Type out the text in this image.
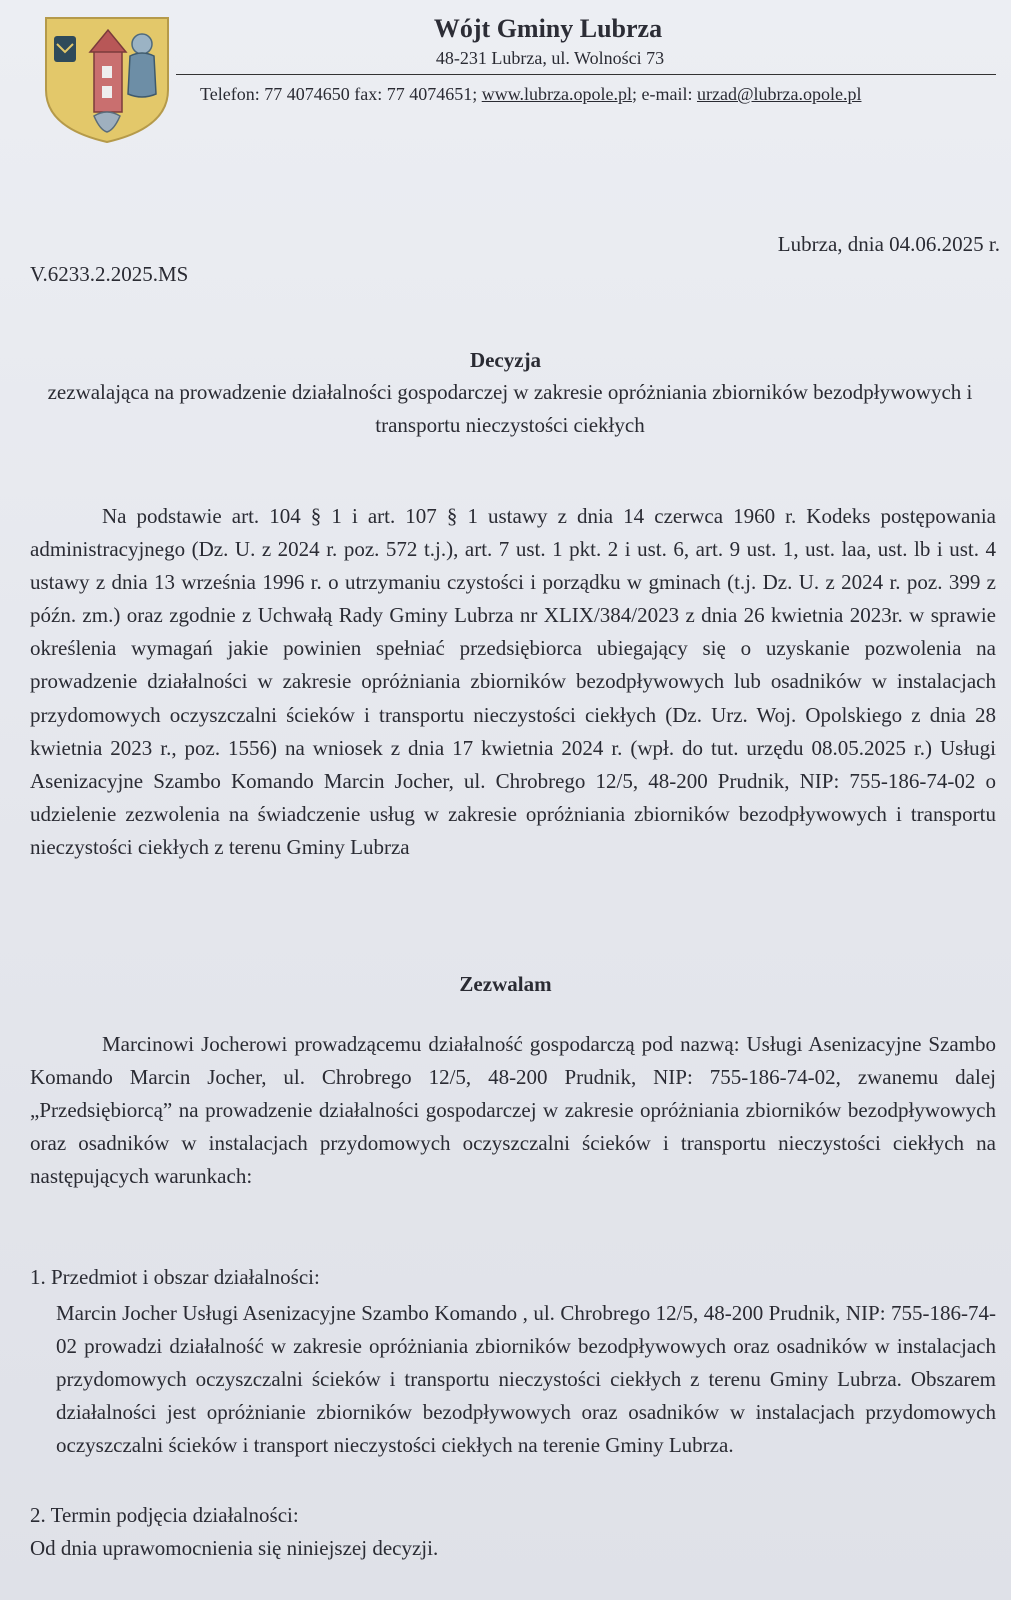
Wójt Gminy Lubrza
48-231 Lubrza, ul. Wolności 73
Telefon: 77 4074650 fax: 77 4074651; www.lubrza.opole.pl; e-mail: urzad@lubrza.opole.pl
Lubrza, dnia 04.06.2025 r.
V.6233.2.2025.MS
Decyzja
zezwalająca na prowadzenie działalności gospodarczej w zakresie opróżniania zbiorników bezodpływowych i transportu nieczystości ciekłych
Na podstawie art. 104 § 1 i art. 107 § 1 ustawy z dnia 14 czerwca 1960 r. Kodeks postępowania administracyjnego (Dz. U. z 2024 r. poz. 572 t.j.), art. 7 ust. 1 pkt. 2 i ust. 6, art. 9 ust. 1, ust. laa, ust. lb i ust. 4 ustawy z dnia 13 września 1996 r. o utrzymaniu czystości i porządku w gminach (t.j. Dz. U. z 2024 r. poz. 399 z późn. zm.) oraz zgodnie z Uchwałą Rady Gminy Lubrza nr XLIX/384/2023 z dnia 26 kwietnia 2023r. w sprawie określenia wymagań jakie powinien spełniać przedsiębiorca ubiegający się o uzyskanie pozwolenia na prowadzenie działalności w zakresie opróżniania zbiorników bezodpływowych lub osadników w instalacjach przydomowych oczyszczalni ścieków i transportu nieczystości ciekłych (Dz. Urz. Woj. Opolskiego z dnia 28 kwietnia 2023 r., poz. 1556) na wniosek z dnia 17 kwietnia 2024 r. (wpł. do tut. urzędu 08.05.2025 r.) Usługi Asenizacyjne Szambo Komando Marcin Jocher, ul. Chrobrego 12/5, 48-200 Prudnik, NIP: 755-186-74-02 o udzielenie zezwolenia na świadczenie usług w zakresie opróżniania zbiorników bezodpływowych i transportu nieczystości ciekłych z terenu Gminy Lubrza
Zezwalam
Marcinowi Jocherowi prowadzącemu działalność gospodarczą pod nazwą: Usługi Asenizacyjne Szambo Komando Marcin Jocher, ul. Chrobrego 12/5, 48-200 Prudnik, NIP: 755-186-74-02, zwanemu dalej „Przedsiębiorcą” na prowadzenie działalności gospodarczej w zakresie opróżniania zbiorników bezodpływowych oraz osadników w instalacjach przydomowych oczyszczalni ścieków i transportu nieczystości ciekłych na następujących warunkach:
1. Przedmiot i obszar działalności:
Marcin Jocher Usługi Asenizacyjne Szambo Komando , ul. Chrobrego 12/5, 48-200 Prudnik, NIP: 755-186-74-02 prowadzi działalność w zakresie opróżniania zbiorników bezodpływowych oraz osadników w instalacjach przydomowych oczyszczalni ścieków i transportu nieczystości ciekłych z terenu Gminy Lubrza. Obszarem działalności jest opróżnianie zbiorników bezodpływowych oraz osadników w instalacjach przydomowych oczyszczalni ścieków i transport nieczystości ciekłych na terenie Gminy Lubrza.
2. Termin podjęcia działalności:
Od dnia uprawomocnienia się niniejszej decyzji.
